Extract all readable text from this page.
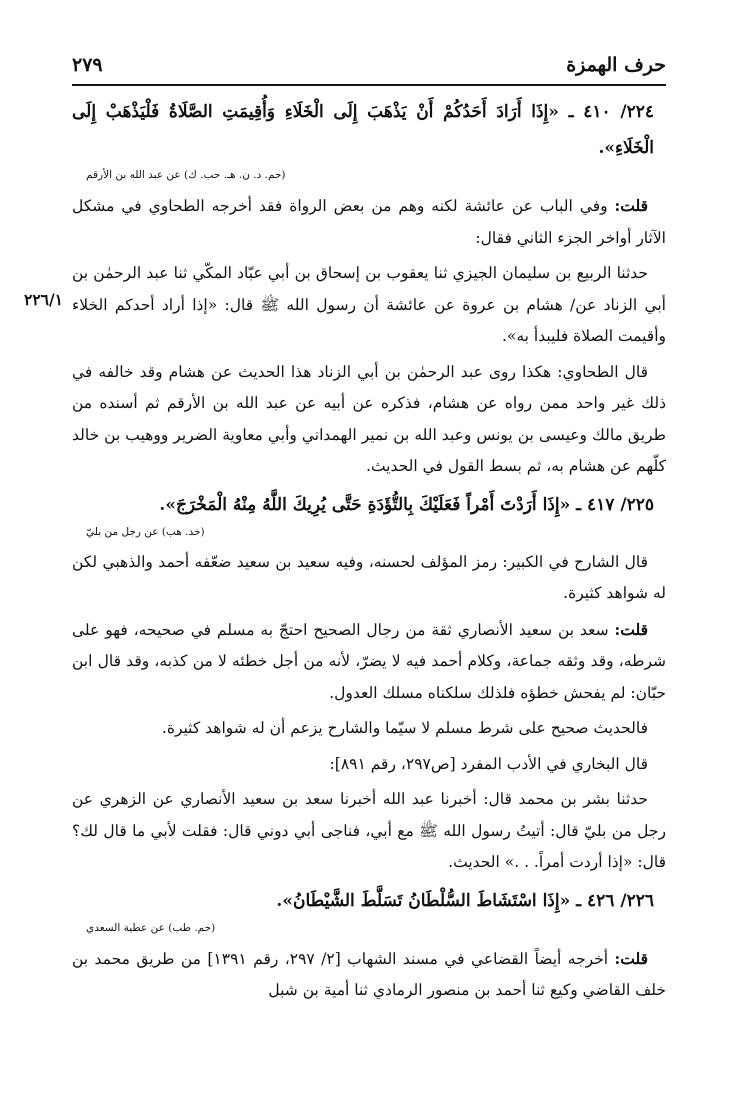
حرف الهمزة
٢٧٩

٢٢٤/ ٤١٠ ـ «إِذَا أَرَادَ أَحَدُكُمْ أَنْ يَذْهَبَ إِلَى الْخَلَاءِ وَأُقِيمَتِ الصَّلَاةُ فَلْيَذْهَبْ إِلَى الْخَلَاءِ».

(حم. د. ن. هـ. حب. ك) عن عبد الله بن الأرقم

قلت: وفي الباب عن عائشة لكنه وهم من بعض الرواة فقد أخرجه الطحاوي في مشكل الآثار أواخر الجزء الثاني فقال:

٢٢٦/١

حدثنا الربيع بن سليمان الجيزي ثنا يعقوب بن إسحاق بن أبي عبّاد المكّي ثنا عبد الرحمٰن بن أبي الزناد عن/ هشام بن عروة عن عائشة أن رسول الله ﷺ قال: «إذا أراد أحدكم الخلاء وأقيمت الصلاة فليبدأ به».

قال الطحاوي: هكذا روى عبد الرحمٰن بن أبي الزناد هذا الحديث عن هشام وقد خالفه في ذلك غير واحد ممن رواه عن هشام، فذكره عن أبيه عن عبد الله بن الأرقم ثم أسنده من طريق مالك وعيسى بن يونس وعبد الله بن نمير الهمداني وأبي معاوية الضرير ووهيب بن خالد كلّهم عن هشام به، ثم بسط القول في الحديث.

٢٢٥/ ٤١٧ ـ «إِذَا أَرَدْتَ أَمْراً فَعَلَيْكَ بِالتُّؤَدَةِ حَتَّى يُرِيكَ اللَّهُ مِنْهُ الْمَخْرَجَ».

(خد. هب) عن رجل من بليّ

قال الشارح في الكبير: رمز المؤلف لحسنه، وفيه سعيد بن سعيد ضعّفه أحمد والذهبي لكن له شواهد كثيرة.

قلت: سعد بن سعيد الأنصاري ثقة من رجال الصحيح احتجّ به مسلم في صحيحه، فهو على شرطه، وقد وثقه جماعة، وكلام أحمد فيه لا يضرّ، لأنه من أجل خطئه لا من كذبه، وقد قال ابن حبّان: لم يفحش خطؤه فلذلك سلكناه مسلك العدول.

فالحديث صحيح على شرط مسلم لا سيّما والشارح يزعم أن له شواهد كثيرة.

قال البخاري في الأدب المفرد [ص٢٩٧، رقم ٨٩١]:

حدثنا بشر بن محمد قال: أخبرنا عبد الله أخبرنا سعد بن سعيد الأنصاري عن الزهري عن رجل من بليّ قال: أتيتُ رسول الله ﷺ مع أبي، فناجى أبي دوني قال: فقلت لأبي ما قال لك؟ قال: «إذا أردت أمراً. . .» الحديث.

٢٢٦/ ٤٢٦ ـ «إِذَا اسْتَشَاطَ السُّلْطَانُ تَسَلَّطَ الشَّيْطَانُ».

(حم. طب) عن عطية السعدي

قلت: أخرجه أيضاً القضاعي في مسند الشهاب [٢/ ٢٩٧، رقم ١٣٩١] من طريق محمد بن خلف القاضي وكيع ثنا أحمد بن منصور الرمادي ثنا أمية بن شبل
